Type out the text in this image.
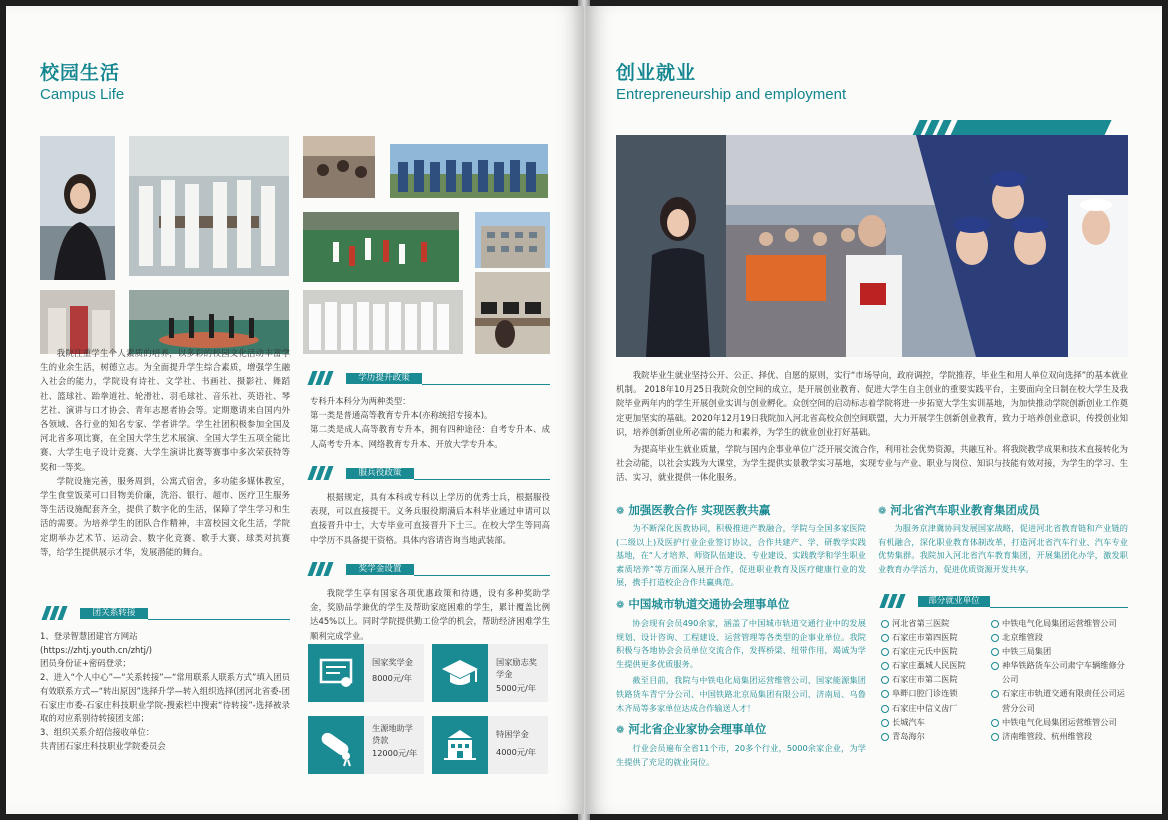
校园生活
Campus Life

我院注重学生个人素质的培养，以多彩的校园文化活动丰富学生的业余生活，树德立志。为全面提升学生综合素质，增强学生融入社会的能力，学院设有诗社、文学社、书画社、摄影社、舞蹈社、篮球社、跆拳道社、轮滑社、羽毛球社、音乐社、英语社、琴艺社、演讲与口才协会、青年志愿者协会等。定期邀请来自国内外各领域、各行业的知名专家、学者讲学。学生社团积极参加全国及河北省多项比赛，在全国大学生艺术展演、全国大学生五项全能比赛、大学生电子设计竞赛、大学生演讲比赛等赛事中多次荣获特等奖和一等奖。

学院设施完善，服务周到，公寓式宿舍，多功能多媒体教室，学生食堂饭菜可口目物美价廉，洗浴、银行、超市、医疗卫生服务等生活设施配套齐全，提供了数字化的生活，保障了学生学习和生活的需要。为培养学生的团队合作精神，丰富校园文化生活，学院定期举办艺术节、运动会、数字化竞赛、歌手大赛、球类对抗赛等，给学生提供展示才华，发展潜能的舞台。

团关系转接
1、登录智慧团建官方网站
(https://zhtj.youth.cn/zhtj/)
团员身份证+密码登录；
2、进入“个人中心”—“关系转接”—“常用联系人联系方式”填入团员有效联系方式—“转出原因”选择升学—转入组织选择(团河北省委-团石家庄市委-石家庄科技职业学院-搜索栏中搜索“待转接”-选择被录取的对应系别待转接团支部；
3、组织关系介绍信接收单位：
共青团石家庄科技职业学院委员会
学历提升政策
专科升本科分为两种类型：
第一类是普通高等教育专升本(亦称统招专接本)。
第二类是成人高等教育专升本，拥有四种途径：自考专升本、成人高考专升本、网络教育专升本、开放大学专升本。
服兵役政策

根据规定，具有本科或专科以上学历的优秀士兵，根据服役表现，可以直接提干。义务兵服役期满后本科毕业通过申请可以直接晋升中士，大专毕业可直接晋升下士三。在校大学生等同高中学历不具备提干资格。具体内容请咨询当地武装部。

奖学金设置

我院学生享有国家各项优惠政策和待遇，设有多种奖助学金，奖励品学兼优的学生及帮助家庭困难的学生，累计覆盖比例达45%以上。同时学院提供勤工俭学的机会，帮助经济困难学生顺利完成学业。

国家奖学金
8000元/年
国家励志奖学金
5000元/年
生源地助学贷款
12000元/年
特困学金
4000元/年
创业就业
Entrepreneurship and employment

我院毕业生就业坚持公开、公正、择优、自愿的原则，实行“市场导向，政府调控，学院推荐，毕业生和用人单位双向选择”的基本就业机制。 2018年10月25日我院众创空间的成立，是开展创业教育、促进大学生自主创业的重要实践平台，主要面向全日制在校大学生及我院毕业两年内的学生开展创业实训与创业孵化。众创空间的启动标志着学院将进一步拓宽大学生实训基地，为加快推动学院创新创业工作奠定更加坚实的基础。2020年12月19日我院加入河北省高校众创空间联盟，大力开展学生创新创业教育，致力于培养创业意识，传授创业知识，培养创新创业所必需的能力和素养，为学生的就业创业打好基础。

为提高毕业生就业质量，学院与国内企事业单位广泛开展交流合作，利用社会优势资源，共融互补。将我院教学成果和技术直接转化为社会动能，以社会实践为大课堂，为学生提供实景教学实习基地，实现专业与产业、职业与岗位、知识与技能有效对接，为学生的学习、生活、实习，就业提供一体化服务。

❁ 加强医教合作 实现医教共赢

为不断深化医教协同，积极推进产教融合，学院与全国多家医院(二级以上)及医护行业企业签订协议，合作共建产、学、研教学实践基地，在“人才培养、师资队伍建设、专业建设、实践教学和学生职业素质培养”等方面深入展开合作，促进职业教育及医疗健康行业的发展，携手打造校企合作共赢典范。

❁ 中国城市轨道交通协会理事单位

协会现有会员490余家，涵盖了中国城市轨道交通行业中的发展规划、设计咨询、工程建设、运营管理等各类型的企事业单位。我院积极与各地协会会员单位交流合作，发挥桥梁、纽带作用，竭诚为学生提供更多优质服务。

截至目前，我院与中铁电化局集团运营维管公司、国家能源集团铁路货车青宁分公司、中国铁路北京局集团有限公司、济南局、乌鲁木齐局等多家单位达成合作输送人才！

❁ 河北省企业家协会理事单位

行业会员遍布全省11个市，20多个行业，5000余家企业，为学生提供了充足的就业岗位。

❁ 河北省汽车职业教育集团成员

为服务京津冀协同发展国家战略，促进河北省教育链和产业链的有机融合，深化职业教育体制改革，打造河北省汽车行业、汽车专业优势集群。我院加入河北省汽车教育集团，开展集团化办学，激发职业教育办学活力，促进优质资源开发共享。

部分就业单位
河北省第三医院
石家庄市第四医院
石家庄元氏中医院
石家庄藁城人民医院
石家庄市第二医院
阜畔口腔门诊连锁
石家庄中信义齿厂
长城汽车
青岛海尔
中铁电气化局集团运营维管公司
北京维管段
中铁三局集团
神华铁路货车公司肃宁车辆维修分公司
石家庄市轨道交通有限责任公司运营分公司
中铁电气化局集团运营维管公司
济南维管段、杭州维管段
